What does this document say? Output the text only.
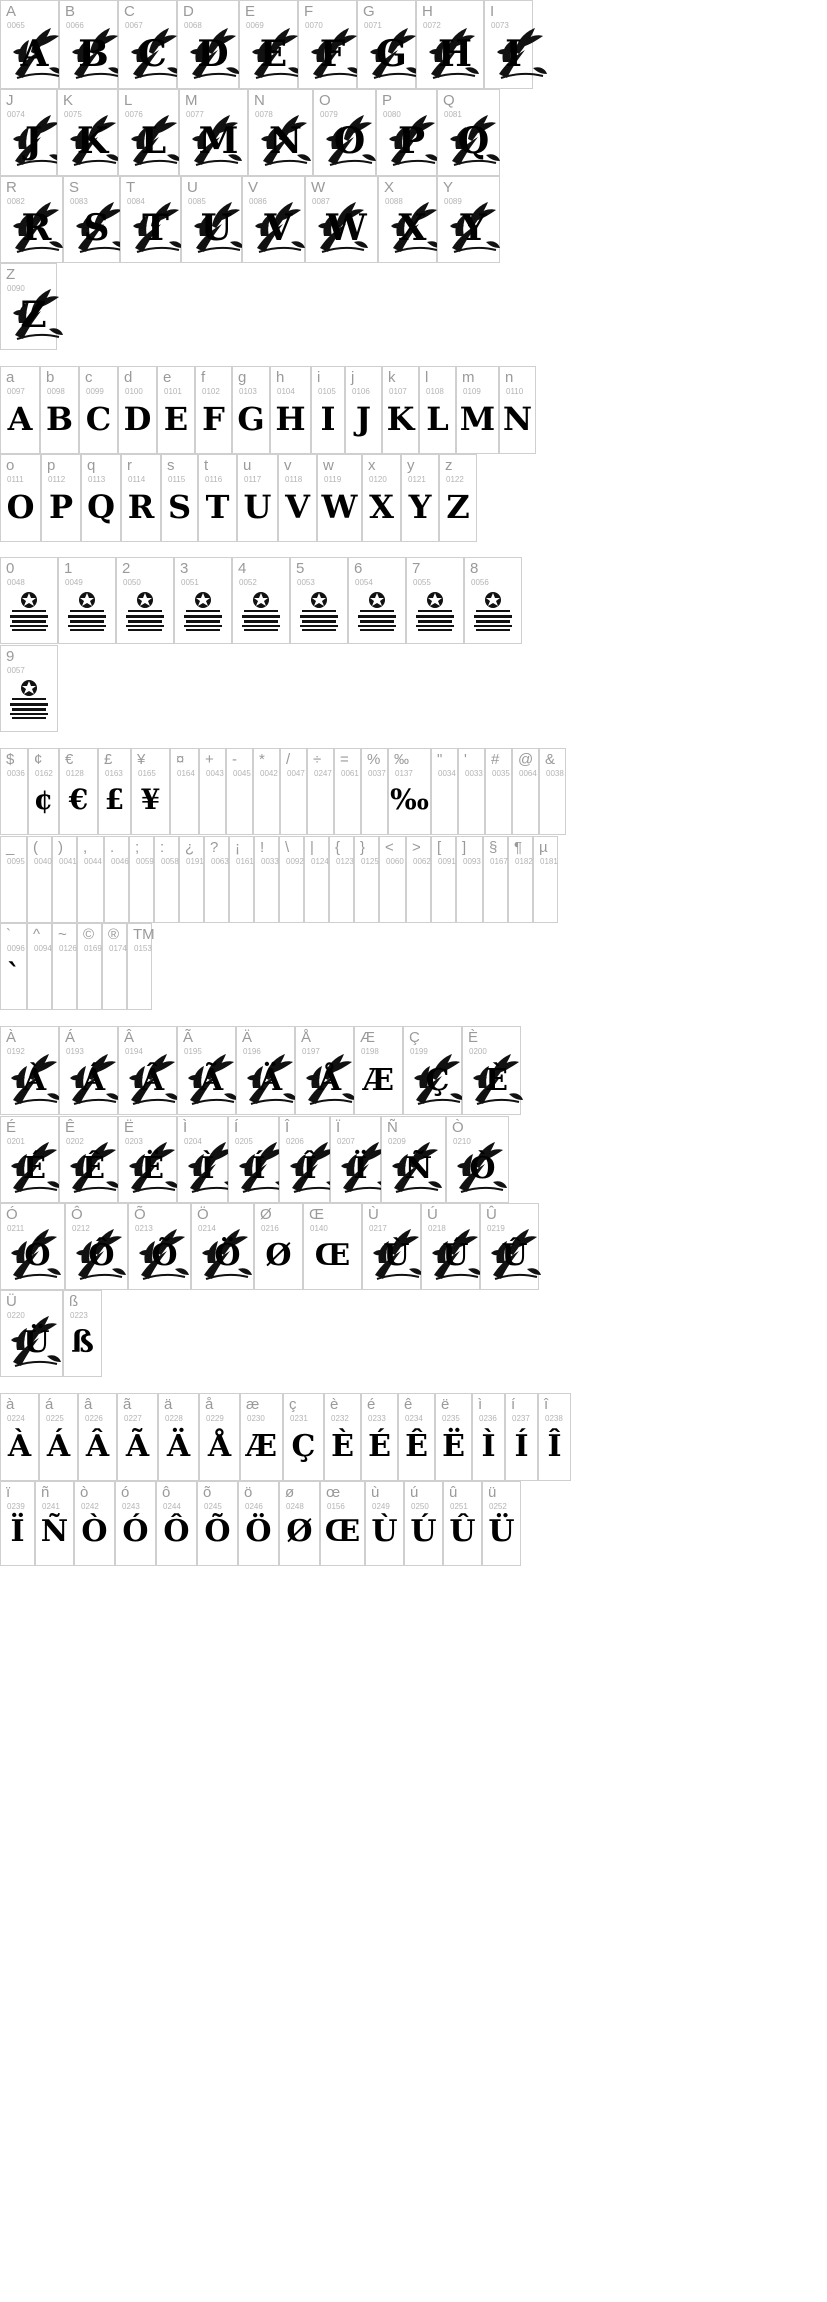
A
0065
A
B
0066
B
C
0067
C
D
0068
D
E
0069
E
F
0070
F
G
0071
G
H
0072
H
I
0073
I
J
0074
J
K
0075
K
L
0076
L
M
0077
M
N
0078
N
O
0079
O
P
0080
P
Q
0081
Q
R
0082
R
S
0083
S
T
0084
T
U
0085
U
V
0086
V
W
0087
W
X
0088
X
Y
0089
Y
Z
0090
Z
a
0097
A
b
0098
B
c
0099
C
d
0100
D
e
0101
E
f
0102
F
g
0103
G
h
0104
H
i
0105
I
j
0106
J
k
0107
K
l
0108
L
m
0109
M
n
0110
N
o
0111
O
p
0112
P
q
0113
Q
r
0114
R
s
0115
S
t
0116
T
u
0117
U
v
0118
V
w
0119
W
x
0120
X
y
0121
Y
z
0122
Z
0
0048
1
0049
2
0050
3
0051
4
0052
5
0053
6
0054
7
0055
8
0056
9
0057
$
0036
¢
0162
¢
€
0128
€
£
0163
£
¥
0165
¥
¤
0164
+
0043
-
0045
*
0042
/
0047
÷
0247
=
0061
%
0037
‰
0137
‰
"
0034
'
0033
#
0035
@
0064
&
0038
_
0095
(
0040
)
0041
,
0044
.
0046
;
0059
:
0058
¿
0191
?
0063
¡
0161
!
0033
\
0092
|
0124
{
0123
}
0125
<
0060
>
0062
[
0091
]
0093
§
0167
¶
0182
µ
0181
`
0096
`
^
0094
~
0126
©
0169
®
0174
TM
0153
À
0192
À
Á
0193
Á
Â
0194
Â
Ã
0195
Ã
Ä
0196
Ä
Å
0197
Å
Æ
0198
Æ
Ç
0199
Ç
È
0200
È
É
0201
É
Ê
0202
Ê
Ë
0203
Ë
Ì
0204
Ì
Í
0205
Í
Î
0206
Î
Ï
0207
Ï
Ñ
0209
Ñ
Ò
0210
Ò
Ó
0211
Ó
Ô
0212
Ô
Õ
0213
Õ
Ö
0214
Ö
Ø
0216
Ø
Œ
0140
Œ
Ù
0217
Ù
Ú
0218
Ú
Û
0219
Û
Ü
0220
Ü
ß
0223
ß
à
0224
À
á
0225
Á
â
0226
Â
ã
0227
Ã
ä
0228
Ä
å
0229
Å
æ
0230
Æ
ç
0231
Ç
è
0232
È
é
0233
É
ê
0234
Ê
ë
0235
Ë
ì
0236
Ì
í
0237
Í
î
0238
Î
ï
0239
Ï
ñ
0241
Ñ
ò
0242
Ò
ó
0243
Ó
ô
0244
Ô
õ
0245
Õ
ö
0246
Ö
ø
0248
Ø
œ
0156
Œ
ù
0249
Ù
ú
0250
Ú
û
0251
Û
ü
0252
Ü
